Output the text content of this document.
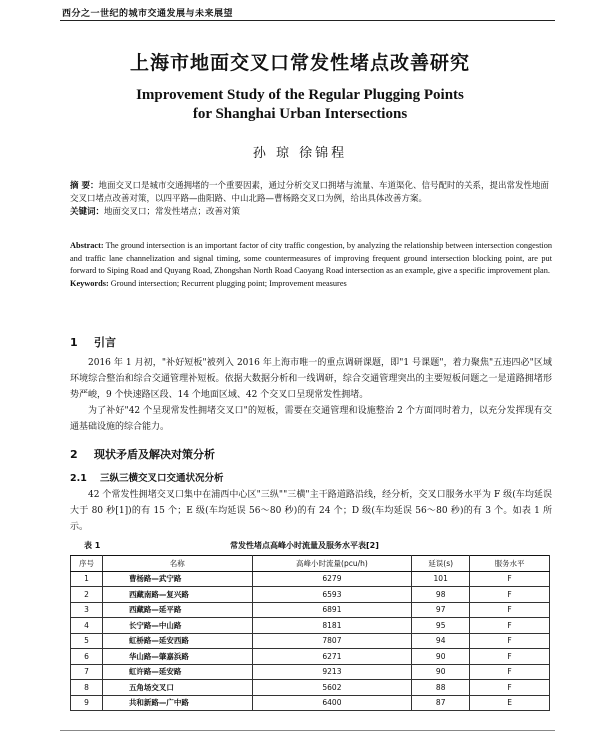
西分之一世纪的城市交通发展与未来展望
上海市地面交叉口常发性堵点改善研究
Improvement Study of the Regular Plugging Points
for Shanghai Urban Intersections
孙 琼 徐锦程
摘 要：地面交叉口是城市交通拥堵的一个重要因素，通过分析交叉口拥堵与流量、车道渠化、信号配时的关系，提出常发性地面交叉口堵点改善对策，以四平路—曲阳路、中山北路—曹杨路交叉口为例，给出具体改善方案。
关键词：地面交叉口；常发性堵点；改善对策
Abstract: The ground intersection is an important factor of city traffic congestion, by analyzing the relationship between intersection congestion and traffic lane channelization and signal timing, some countermeasures of improving frequent ground intersection blocking point, are put forward to Siping Road and Quyang Road, Zhongshan North Road Caoyang Road intersection as an example, give a specific improvement plan.
Keywords: Ground intersection; Recurrent plugging point; Improvement measures
1 引言

2016 年 1 月初，"补好短板"被列入 2016 年上海市唯一的重点调研课题，即"1 号课题"，着力聚焦"五违四必"区域环境综合整治和综合交通管理补短板。依据大数据分析和一线调研，综合交通管理突出的主要短板问题之一是道路拥堵形势严峻，9 个快速路区段、14 个地面区域、42 个交叉口呈现常发性拥堵。

为了补好"42 个呈现常发性拥堵交叉口"的短板，需要在交通管理和设施整治 2 个方面同时着力，以充分发挥现有交通基础设施的综合能力。

2 现状矛盾及解决对策分析
2.1 三纵三横交叉口交通状况分析

42 个常发性拥堵交叉口集中在浦西中心区"三纵""三横"主干路道路沿线，经分析，交叉口服务水平为 F 级(车均延误大于 80 秒[1])的有 15 个；E 级(车均延误 56～80 秒)的有 24 个；D 级(车均延误 56～80 秒)的有 3 个。如表 1 所示。

表 1	常发性堵点高峰小时流量及服务水平表[2]
序号	名称	高峰小时流量(pcu/h)	延误(s)	服务水平
1	曹杨路—武宁路	6279	101	F
2	西藏南路—复兴路	6593	98	F
3	西藏路—延平路	6891	97	F
4	长宁路—中山路	8181	95	F
5	虹桥路—延安西路	7807	94	F
6	华山路—肇嘉浜路	6271	90	F
7	虹许路—延安路	9213	90	F
8	五角场交叉口	5602	88	F
9	共和新路—广中路	6400	87	E
